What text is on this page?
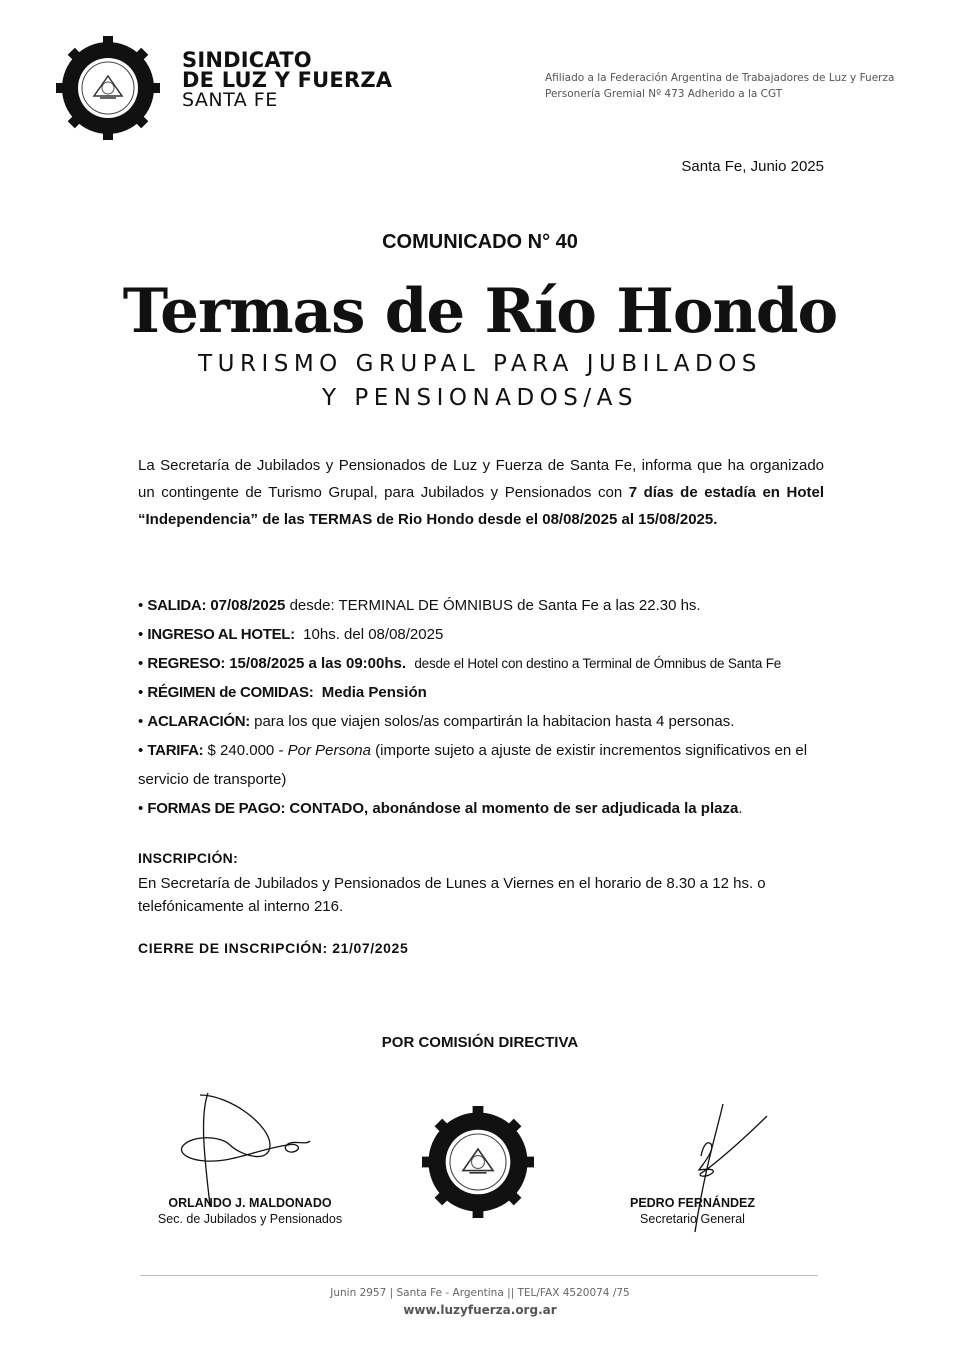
SINDICATO
DE LUZ Y FUERZA
SANTA FE
Afiliado a la Federación Argentina de Trabajadores de Luz y Fuerza
Personería Gremial Nº 473 Adherido a la CGT
Santa Fe, Junio 2025
COMUNICADO N° 40
Termas de Río Hondo
TURISMO GRUPAL PARA JUBILADOS
Y PENSIONADOS/AS
La Secretaría de Jubilados y Pensionados de Luz y Fuerza de Santa Fe, informa que ha organizado un contingente de Turismo Grupal, para Jubilados y Pensionados con 7 días de estadía en Hotel “Independencia” de las TERMAS de Rio Hondo desde el 08/08/2025 al 15/08/2025.
• SALIDA: 07/08/2025 desde: TERMINAL DE ÓMNIBUS de Santa Fe a las 22.30 hs.
• INGRESO AL HOTEL: 10hs. del 08/08/2025
• REGRESO: 15/08/2025 a las 09:00hs. desde el Hotel con destino a Terminal de Ómnibus de Santa Fe
• RÉGIMEN de COMIDAS: Media Pensión
• ACLARACIÓN: para los que viajen solos/as compartirán la habitacion hasta 4 personas.
• TARIFA: $ 240.000 - Por Persona (importe sujeto a ajuste de existir incrementos significativos en el servicio de transporte)
• FORMAS DE PAGO: CONTADO, abonándose al momento de ser adjudicada la plaza.
INSCRIPCIÓN:
En Secretaría de Jubilados y Pensionados de Lunes a Viernes en el horario de 8.30 a 12 hs. o telefónicamente al interno 216.
CIERRE DE INSCRIPCIÓN: 21/07/2025
POR COMISIÓN DIRECTIVA
ORLANDO J. MALDONADO
Sec. de Jubilados y Pensionados
PEDRO FERNÁNDEZ
Secretario General
Junin 2957 | Santa Fe - Argentina || TEL/FAX 4520074 /75
www.luzyfuerza.org.ar
